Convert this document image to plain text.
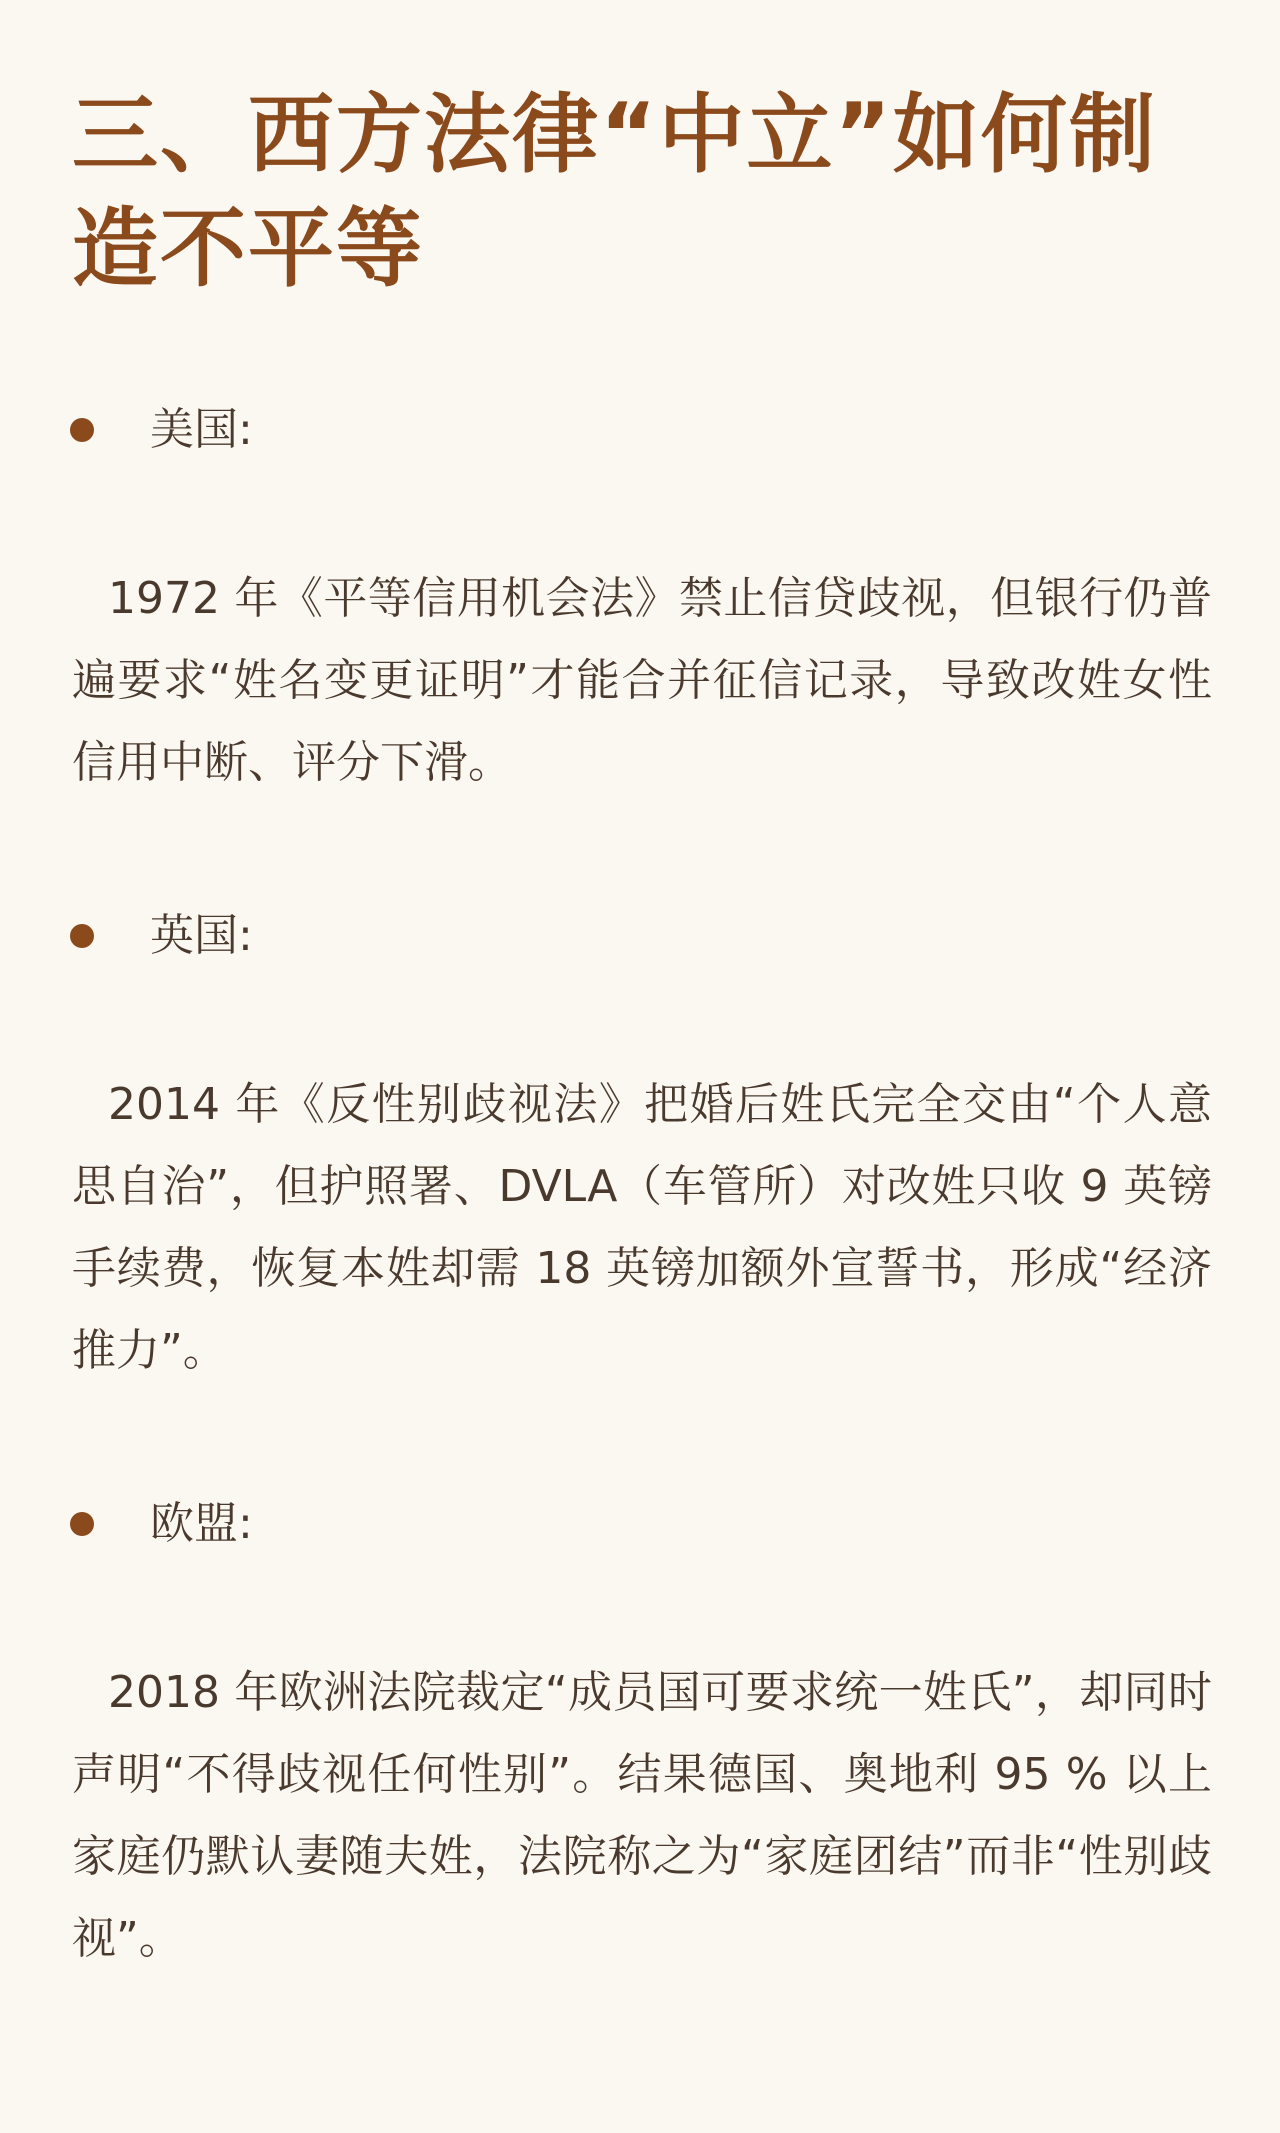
三、西方法律“中立”如何制造不平等
美国:

1972 年《平等信用机会法》禁止信贷歧视，但银行仍普遍要求“姓名变更证明”才能合并征信记录，导致改姓女性信用中断、评分下滑。

英国:

2014 年《反性别歧视法》把婚后姓氏完全交由“个人意思自治”，但护照署、DVLA（车管所）对改姓只收 9 英镑手续费，恢复本姓却需 18 英镑加额外宣誓书，形成“经济推力”。

欧盟:

2018 年欧洲法院裁定“成员国可要求统一姓氏”，却同时声明“不得歧视任何性别”。结果德国、奥地利 95 % 以上家庭仍默认妻随夫姓，法院称之为“家庭团结”而非“性别歧视”。
